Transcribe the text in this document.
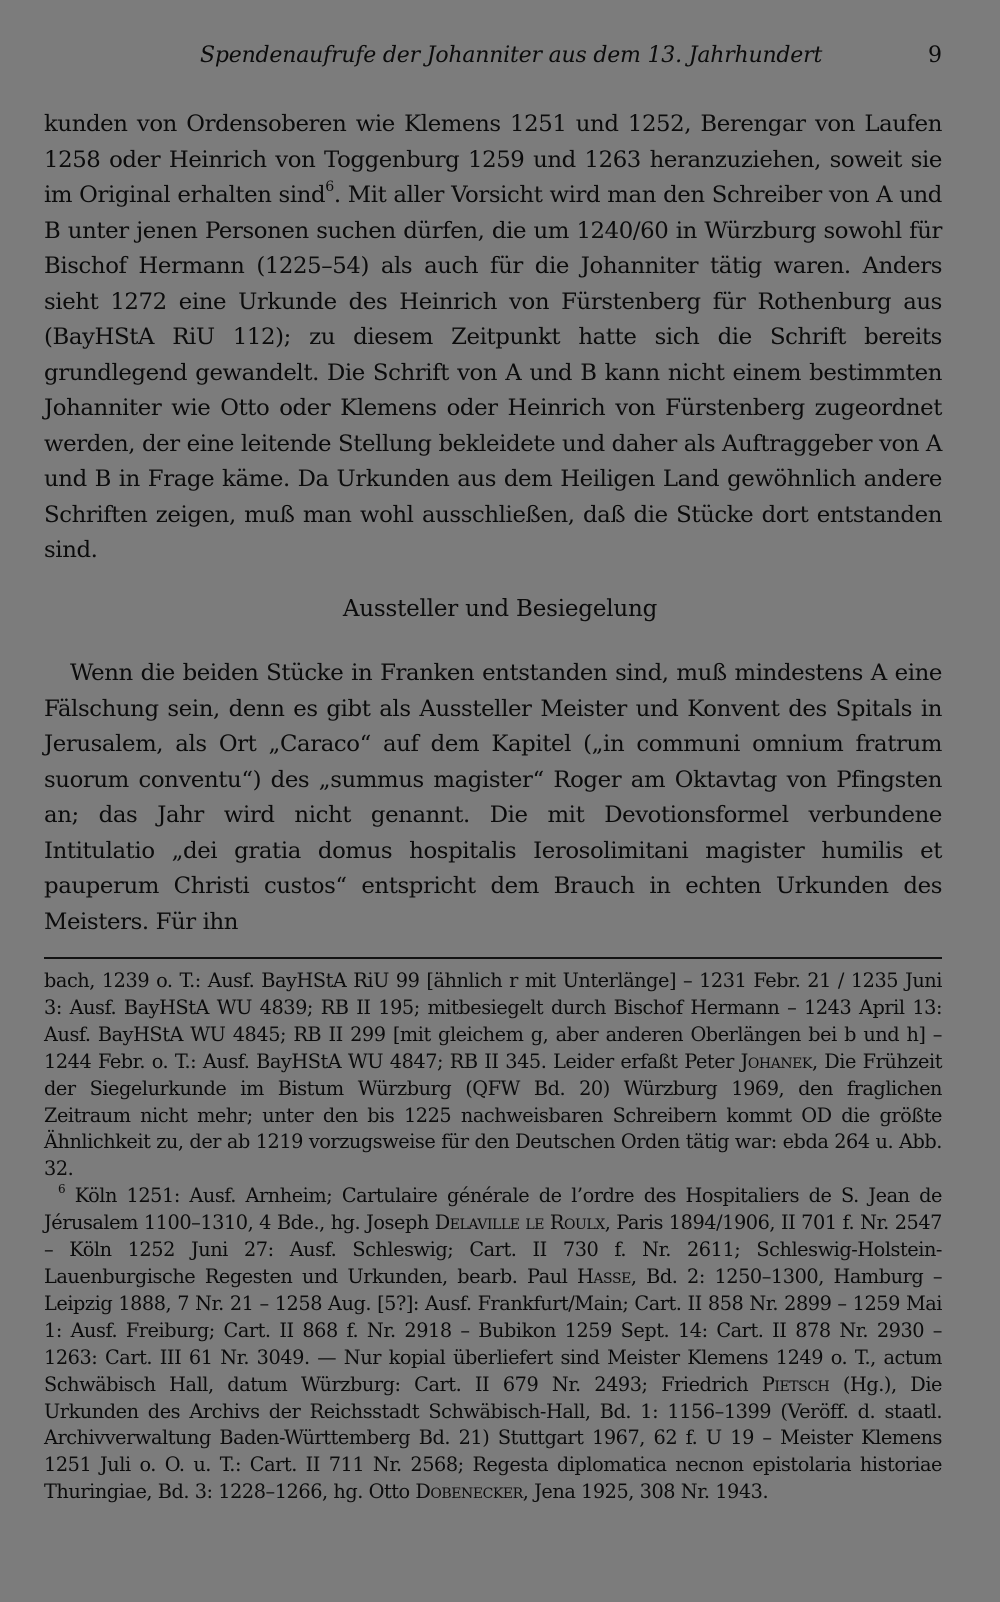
Spendenaufrufe der Johanniter aus dem 13. Jahrhundert	9

kunden von Ordensoberen wie Klemens 1251 und 1252, Berengar von Laufen 1258 oder Heinrich von Toggenburg 1259 und 1263 heranzuziehen, soweit sie im Original erhalten sind$^6$. Mit aller Vorsicht wird man den Schreiber von A und B unter jenen Personen suchen dürfen, die um 1240/60 in Würzburg sowohl für Bischof Hermann (1225–54) als auch für die Johanniter tätig waren. Anders sieht 1272 eine Urkunde des Heinrich von Fürstenberg für Rothenburg aus (BayHStA RiU 112); zu diesem Zeitpunkt hatte sich die Schrift bereits grundlegend gewandelt. Die Schrift von A und B kann nicht einem bestimmten Johanniter wie Otto oder Klemens oder Heinrich von Fürstenberg zugeordnet werden, der eine leitende Stellung bekleidete und daher als Auftraggeber von A und B in Frage käme. Da Urkunden aus dem Heiligen Land gewöhnlich andere Schriften zeigen, muß man wohl ausschließen, daß die Stücke dort entstanden sind.

Aussteller und Besiegelung

Wenn die beiden Stücke in Franken entstanden sind, muß mindestens A eine Fälschung sein, denn es gibt als Aussteller Meister und Konvent des Spitals in Jerusalem, als Ort „Caraco“ auf dem Kapitel („in communi omnium fratrum suorum conventu“) des „summus magister“ Roger am Oktavtag von Pfingsten an; das Jahr wird nicht genannt. Die mit Devotionsformel verbundene Intitulatio „dei gratia domus hospitalis Ierosolimitani magister humilis et pauperum Christi custos“ entspricht dem Brauch in echten Urkunden des Meisters. Für ihn

bach, 1239 o. T.: Ausf. BayHStA RiU 99 [ähnlich r mit Unterlänge] – 1231 Febr. 21 / 1235 Juni 3: Ausf. BayHStA WU 4839; RB II 195; mitbesiegelt durch Bischof Hermann – 1243 April 13: Ausf. BayHStA WU 4845; RB II 299 [mit gleichem g, aber anderen Oberlängen bei b und h] – 1244 Febr. o. T.: Ausf. BayHStA WU 4847; RB II 345. Leider erfaßt Peter Johanek, Die Frühzeit der Siegelurkunde im Bistum Würzburg (QFW Bd. 20) Würzburg 1969, den fraglichen Zeitraum nicht mehr; unter den bis 1225 nachweisbaren Schreibern kommt OD die größte Ähnlichkeit zu, der ab 1219 vorzugsweise für den Deutschen Orden tätig war: ebda 264 u. Abb. 32.

$^6$ Köln 1251: Ausf. Arnheim; Cartulaire générale de l’ordre des Hospitaliers de S. Jean de Jérusalem 1100–1310, 4 Bde., hg. Joseph Delaville le Roulx, Paris 1894/1906, II 701 f. Nr. 2547 – Köln 1252 Juni 27: Ausf. Schleswig; Cart. II 730 f. Nr. 2611; Schleswig-Holstein-Lauenburgische Regesten und Urkunden, bearb. Paul Hasse, Bd. 2: 1250–1300, Hamburg – Leipzig 1888, 7 Nr. 21 – 1258 Aug. [5?]: Ausf. Frankfurt/Main; Cart. II 858 Nr. 2899 – 1259 Mai 1: Ausf. Freiburg; Cart. II 868 f. Nr. 2918 – Bubikon 1259 Sept. 14: Cart. II 878 Nr. 2930 – 1263: Cart. III 61 Nr. 3049. — Nur kopial überliefert sind Meister Klemens 1249 o. T., actum Schwäbisch Hall, datum Würzburg: Cart. II 679 Nr. 2493; Friedrich Pietsch (Hg.), Die Urkunden des Archivs der Reichsstadt Schwäbisch-Hall, Bd. 1: 1156–1399 (Veröff. d. staatl. Archivverwaltung Baden-Württemberg Bd. 21) Stuttgart 1967, 62 f. U 19 – Meister Klemens 1251 Juli o. O. u. T.: Cart. II 711 Nr. 2568; Regesta diplomatica necnon epistolaria historiae Thuringiae, Bd. 3: 1228–1266, hg. Otto Dobenecker, Jena 1925, 308 Nr. 1943.
